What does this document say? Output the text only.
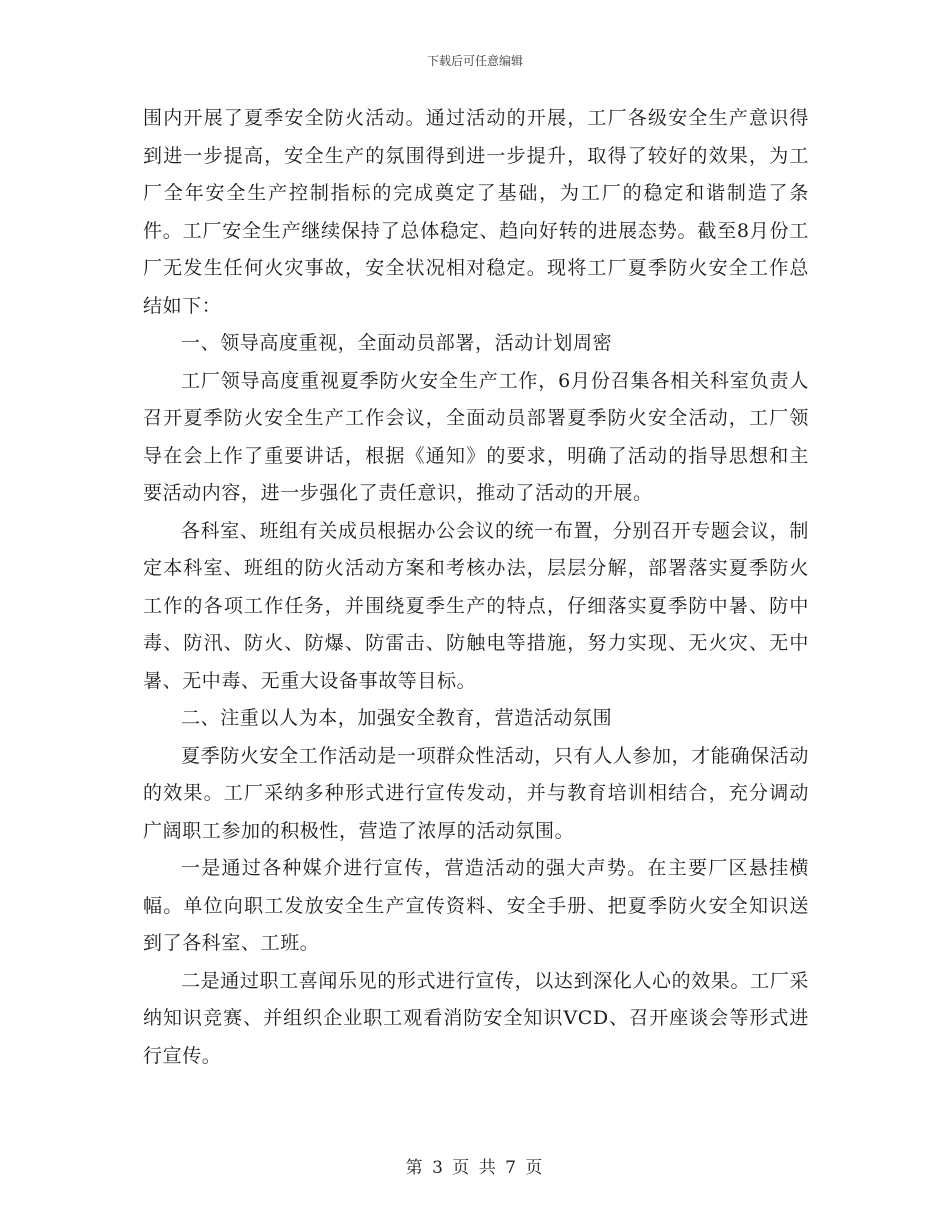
下载后可任意编辑

围内开展了夏季安全防火活动。通过活动的开展，工厂各级安全生产意识得到进一步提高，安全生产的氛围得到进一步提升，取得了较好的效果，为工厂全年安全生产控制指标的完成奠定了基础，为工厂的稳定和谐制造了条件。工厂安全生产继续保持了总体稳定、趋向好转的进展态势。截至8月份工厂无发生任何火灾事故，安全状况相对稳定。现将工厂夏季防火安全工作总结如下：

一、领导高度重视，全面动员部署，活动计划周密

工厂领导高度重视夏季防火安全生产工作，6月份召集各相关科室负责人召开夏季防火安全生产工作会议，全面动员部署夏季防火安全活动，工厂领导在会上作了重要讲话，根据《通知》的要求，明确了活动的指导思想和主要活动内容，进一步强化了责任意识，推动了活动的开展。

各科室、班组有关成员根据办公会议的统一布置，分别召开专题会议，制定本科室、班组的防火活动方案和考核办法，层层分解，部署落实夏季防火工作的各项工作任务，并围绕夏季生产的特点，仔细落实夏季防中暑、防中毒、防汛、防火、防爆、防雷击、防触电等措施，努力实现、无火灾、无中暑、无中毒、无重大设备事故等目标。

二、注重以人为本，加强安全教育，营造活动氛围

夏季防火安全工作活动是一项群众性活动，只有人人参加，才能确保活动的效果。工厂采纳多种形式进行宣传发动，并与教育培训相结合，充分调动广阔职工参加的积极性，营造了浓厚的活动氛围。

一是通过各种媒介进行宣传，营造活动的强大声势。在主要厂区悬挂横幅。单位向职工发放安全生产宣传资料、安全手册、把夏季防火安全知识送到了各科室、工班。

二是通过职工喜闻乐见的形式进行宣传，以达到深化人心的效果。工厂采纳知识竞赛、并组织企业职工观看消防安全知识VCD、召开座谈会等形式进行宣传。

第 3 页 共 7 页
